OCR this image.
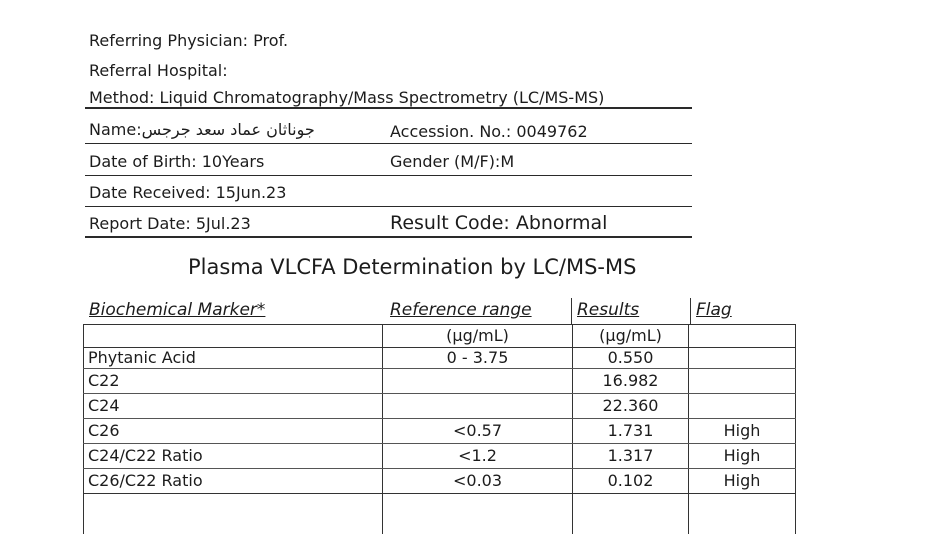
Referring Physician: Prof.
Referral Hospital:
Method: Liquid Chromatography/Mass Spectrometry (LC/MS-MS)
Name:جوناثان عماد سعد جرجس	Accession. No.: 0049762
Date of Birth: 10Years	Gender (M/F):M
Date Received: 15Jun.23
Report Date: 5Jul.23	Result Code: Abnormal
Plasma VLCFA Determination by LC/MS-MS
Biochemical Marker*	Reference range	Results	Flag
	(µg/mL)	(µg/mL)	
Phytanic Acid	0 - 3.75	0.550	
C22		16.982	
C24		22.360	
C26	<0.57	1.731	High
C24/C22 Ratio	<1.2	1.317	High
C26/C22 Ratio	<0.03	0.102	High
